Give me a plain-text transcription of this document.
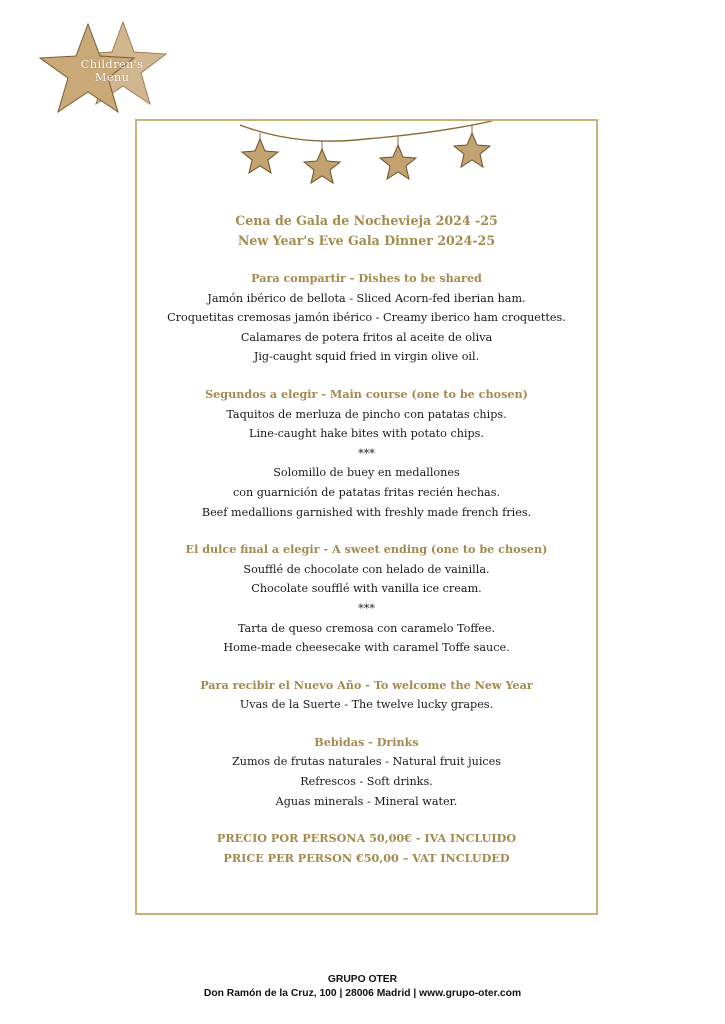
Children's
Menu
Cena de Gala de Nochevieja 2024 -25
New Year's Eve Gala Dinner 2024-25
Para compartir - Dishes to be shared
Jamón ibérico de bellota - Sliced Acorn-fed iberian ham.
Croquetitas cremosas jamón ibérico - Creamy iberico ham croquettes.
Calamares de potera fritos al aceite de oliva
Jig-caught squid fried in virgin olive oil.
Segundos a elegir - Main course (one to be chosen)
Taquitos de merluza de pincho con patatas chips.
Line-caught hake bites with potato chips.
***
Solomillo de buey en medallones
con guarnición de patatas fritas recién hechas.
Beef medallions garnished with freshly made french fries.
El dulce final a elegir - A sweet ending (one to be chosen)
Soufflé de chocolate con helado de vainilla.
Chocolate soufflé with vanilla ice cream.
***
Tarta de queso cremosa con caramelo Toffee.
Home-made cheesecake with caramel Toffe sauce.
Para recibir el Nuevo Año - To welcome the New Year
Uvas de la Suerte - The twelve lucky grapes.
Bebidas - Drinks
Zumos de frutas naturales - Natural fruit juices
Refrescos - Soft drinks.
Aguas minerals - Mineral water.
PRECIO POR PERSONA 50,00€ - IVA INCLUIDO
PRICE PER PERSON €50,00 – VAT INCLUDED
GRUPO OTER
Don Ramón de la Cruz, 100 | 28006 Madrid | www.grupo-oter.com
